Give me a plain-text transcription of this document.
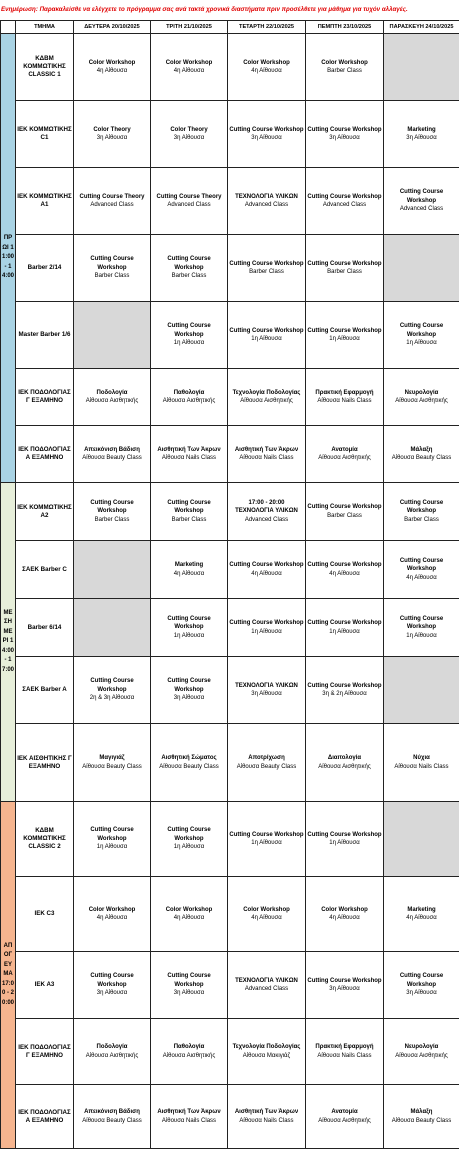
Ενημέρωση: Παρακαλείσθε να ελέγχετε το πρόγραμμα σας ανά τακτά χρονικά διαστήματα πριν προσέλθετε για μάθημα για τυχόν αλλαγές.
	ΤΜΗΜΑ	ΔΕΥΤΕΡΑ 20/10/2025	ΤΡΙΤΗ 21/10/2025	ΤΕΤΑΡΤΗ 22/10/2025	ΠΕΜΠΤΗ 23/10/2025	ΠΑΡΑΣΚΕΥΗ 24/10/2025

ΠΡΩΙ 11:00 - 14:00	ΚΔΒΜ ΚΟΜΜΩΤΙΚΗΣ CLASSIC 1	Color Workshop
4η Αίθουσα	Color Workshop
4η Αίθουσα	Color Workshop
4η Αίθουσα	Color Workshop
Barber Class	

	ΙΕΚ ΚΟΜΜΩΤΙΚΗΣ C1	Color Theory
3η Αίθουσα	Color Theory
3η Αίθουσα	Cutting Course Workshop
3η Αίθουσα	Cutting Course Workshop
3η Αίθουσα	Marketing
3η Αίθουσα

	ΙΕΚ ΚΟΜΜΩΤΙΚΗΣ Α1	Cutting Course Theory
Advanced Class	Cutting Course Theory
Advanced Class	ΤΕΧΝΟΛΟΓΙΑ ΥΛΙΚΩΝ
Advanced Class	Cutting Course Workshop
Advanced Class	Cutting Course Workshop
Advanced Class

	Barber 2/14	Cutting Course Workshop
Barber Class	Cutting Course Workshop
Barber Class	Cutting Course Workshop
Barber Class	Cutting Course Workshop
Barber Class	

	Master Barber 1/6		Cutting Course Workshop
1η Αίθουσα	Cutting Course Workshop
1η Αίθουσα	Cutting Course Workshop
1η Αίθουσα	Cutting Course Workshop
1η Αίθουσα

	ΙΕΚ ΠΟΔΟΛΟΓΙΑΣ Γ ΕΞΑΜΗΝΟ	Ποδολογία
Αίθουσα Αισθητικής	Παθολογία
Αίθουσα Αισθητικής	Τεχνολογία Ποδολογίας
Αίθουσα Αισθητικής	Πρακτική Εφαρμογή
Αίθουσα Nails Class	Νευρολογία
Αίθουσα Αισθητικής

	ΙΕΚ ΠΟΔΟΛΟΓΙΑΣ Α ΕΞΑΜΗΝΟ	Απεικόνιση Βάδιση
Αίθουσα Beauty Class	Αισθητική Των Άκρων
Αίθουσα Nails Class	Αισθητική Των Άκρων
Αίθουσα Nails Class	Ανατομία
Αίθουσα Αισθητικής	Μάλαξη
Αίθουσα Beauty Class

ΜΕΣΗΜΕΡΙ 14:00 - 17:00	ΙΕΚ ΚΟΜΜΩΤΙΚΗΣ Α2	Cutting Course Workshop
Barber Class	Cutting Course Workshop
Barber Class	17:00 - 20:00 ΤΕΧΝΟΛΟΓΙΑ ΥΛΙΚΩΝ
Advanced Class	Cutting Course Workshop
Barber Class	Cutting Course Workshop
Barber Class

	ΣΑΕΚ Barber C		Marketing
4η Αίθουσα	Cutting Course Workshop
4η Αίθουσα	Cutting Course Workshop
4η Αίθουσα	Cutting Course Workshop
4η Αίθουσα

	Barber 6/14		Cutting Course Workshop
1η Αίθουσα	Cutting Course Workshop
1η Αίθουσα	Cutting Course Workshop
1η Αίθουσα	Cutting Course Workshop
1η Αίθουσα

	ΣΑΕΚ Barber A	Cutting Course Workshop
2η & 3η Αίθουσα	Cutting Course Workshop
3η Αίθουσα	ΤΕΧΝΟΛΟΓΙΑ ΥΛΙΚΩΝ
3η Αίθουσα	Cutting Course Workshop
3η & 2η Αίθουσα	

	ΙΕΚ ΑΙΣΘΗΤΙΚΗΣ Γ ΕΞΑΜΗΝΟ	Μαγιγιάζ
Αίθουσα Beauty Class	Αισθητική Σώματος
Αίθουσα Beauty Class	Αποτρίχωση
Αίθουσα Beauty Class	Διαιτολογία
Αίθουσα Αισθητικής	Νύχια
Αίθουσα Nails Class

ΑΠΟΓΕΥΜΑ 17:00 - 20:00	ΚΔΒΜ ΚΟΜΜΩΤΙΚΗΣ CLASSIC 2	Cutting Course Workshop
1η Αίθουσα	Cutting Course Workshop
1η Αίθουσα	Cutting Course Workshop
1η Αίθουσα	Cutting Course Workshop
1η Αίθουσα	

	ΙΕΚ C3	Color Workshop
4η Αίθουσα	Color Workshop
4η Αίθουσα	Color Workshop
4η Αίθουσα	Color Workshop
4η Αίθουσα	Marketing
4η Αίθουσα

	ΙΕΚ Α3	Cutting Course Workshop
3η Αίθουσα	Cutting Course Workshop
3η Αίθουσα	ΤΕΧΝΟΛΟΓΙΑ ΥΛΙΚΩΝ
Advanced Class	Cutting Course Workshop
3η Αίθουσα	Cutting Course Workshop
3η Αίθουσα

	ΙΕΚ ΠΟΔΟΛΟΓΙΑΣ Γ ΕΞΑΜΗΝΟ	Ποδολογία
Αίθουσα Αισθητικής	Παθολογία
Αίθουσα Αισθητικής	Τεχνολογία Ποδολογίας
Αίθουσα Μακιγιάζ	Πρακτική Εφαρμογή
Αίθουσα Nails Class	Νευρολογία
Αίθουσα Αισθητικής

	ΙΕΚ ΠΟΔΟΛΟΓΙΑΣ Α ΕΞΑΜΗΝΟ	Απεικόνιση Βάδιση
Αίθουσα Beauty Class	Αισθητική Των Άκρων
Αίθουσα Nails Class	Αισθητική Των Άκρων
Αίθουσα Nails Class	Ανατομία
Αίθουσα Αισθητικής	Μάλαξη
Αίθουσα Beauty Class
